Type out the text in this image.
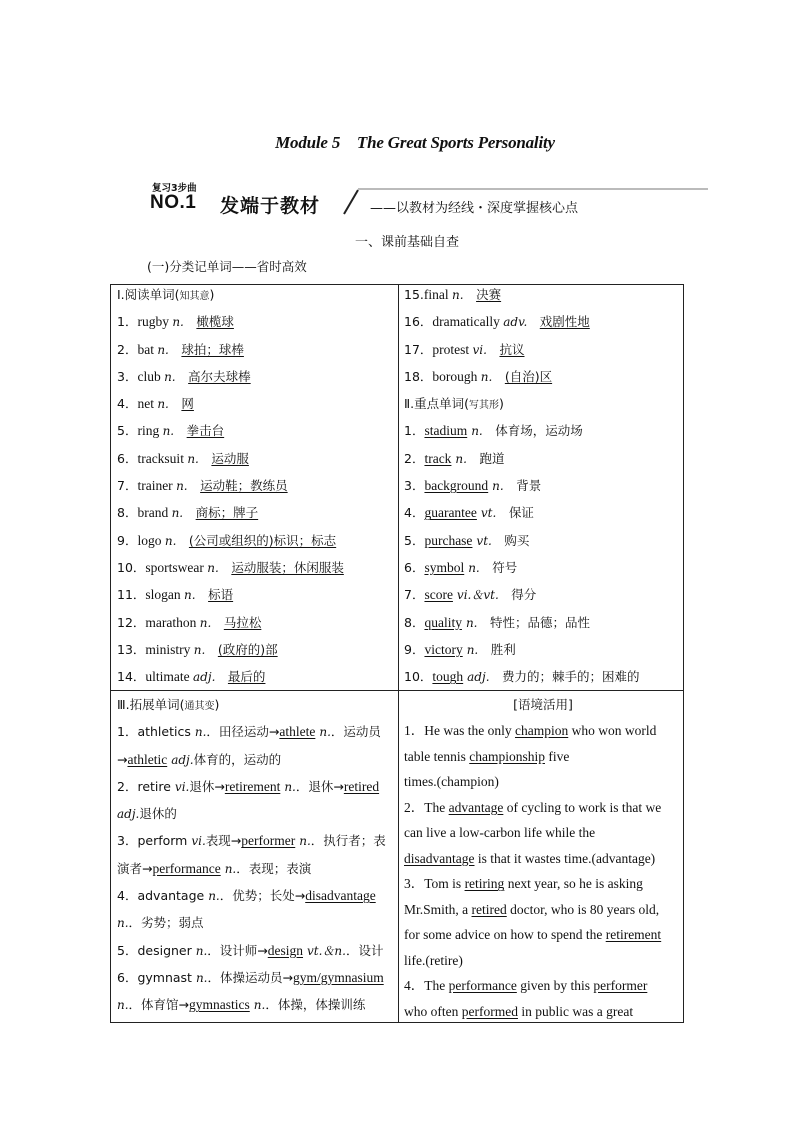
Module 5　The Great Sports Personality
复习3步曲
NO.1 发端于教材	——以教材为经线・深度掌握核心点
一、课前基础自查
(一)分类记单词——省时高效
Ⅰ.阅读单词(知其意)
1．rugby n.　 橄榄球
2．bat n.　 球拍；球棒
3．club n.　 高尔夫球棒
4．net n.　 网
5．ring n.　 拳击台
6．tracksuit n.　 运动服
7．trainer n.　 运动鞋；教练员
8．brand n.　 商标；牌子
9．logo n.　 (公司或组织的)标识；标志
10．sportswear n.　 运动服装；休闲服装
11．slogan n.　 标语
12．marathon n.　 马拉松
13．ministry n.　 (政府的)部
14．ultimate adj.　 最后的
15.final n.　 决赛
16．dramatically adv.　 戏剧性地
17．protest vi.　 抗议
18．borough n.　 (自治)区
Ⅱ.重点单词(写其形)
1．stadium n.　体育场，运动场
2．track n.　跑道
3．background n.　背景
4．guarantee vt.　保证
5．purchase vt.　购买
6．symbol n.　符号
7．score vi.＆vt.　得分
8．quality n.　特性；品德；品性
9．victory n.　胜利
10．tough adj.　费力的；棘手的；困难的
Ⅲ.拓展单词(通其变)
1．athletics n.．田径运动→athlete n.．运动员
→athletic adj.体育的，运动的
2．retire vi.退休→retirement n.．退休→retired
adj.退休的
3．perform vi.表现→performer n.．执行者；表
演者→performance n.．表现；表演
4．advantage n.．优势；长处→disadvantage
n.．劣势；弱点
5．designer n.．设计师→design vt.＆n.．设计
6．gymnast n.．体操运动员→gym/gymnasium
n.．体育馆→gymnastics n.．体操，体操训练
[语境活用]
1．He was the only champion who won world
table tennis championship five
times.(champion)
2．The advantage of cycling to work is that we
can live a low-carbon life while the
disadvantage is that it wastes time.(advantage)
3．Tom is retiring next year, so he is asking
Mr.Smith, a retired doctor, who is 80 years old,
for some advice on how to spend the retirement
life.(retire)
4．The performance given by this performer
who often performed in public was a great
